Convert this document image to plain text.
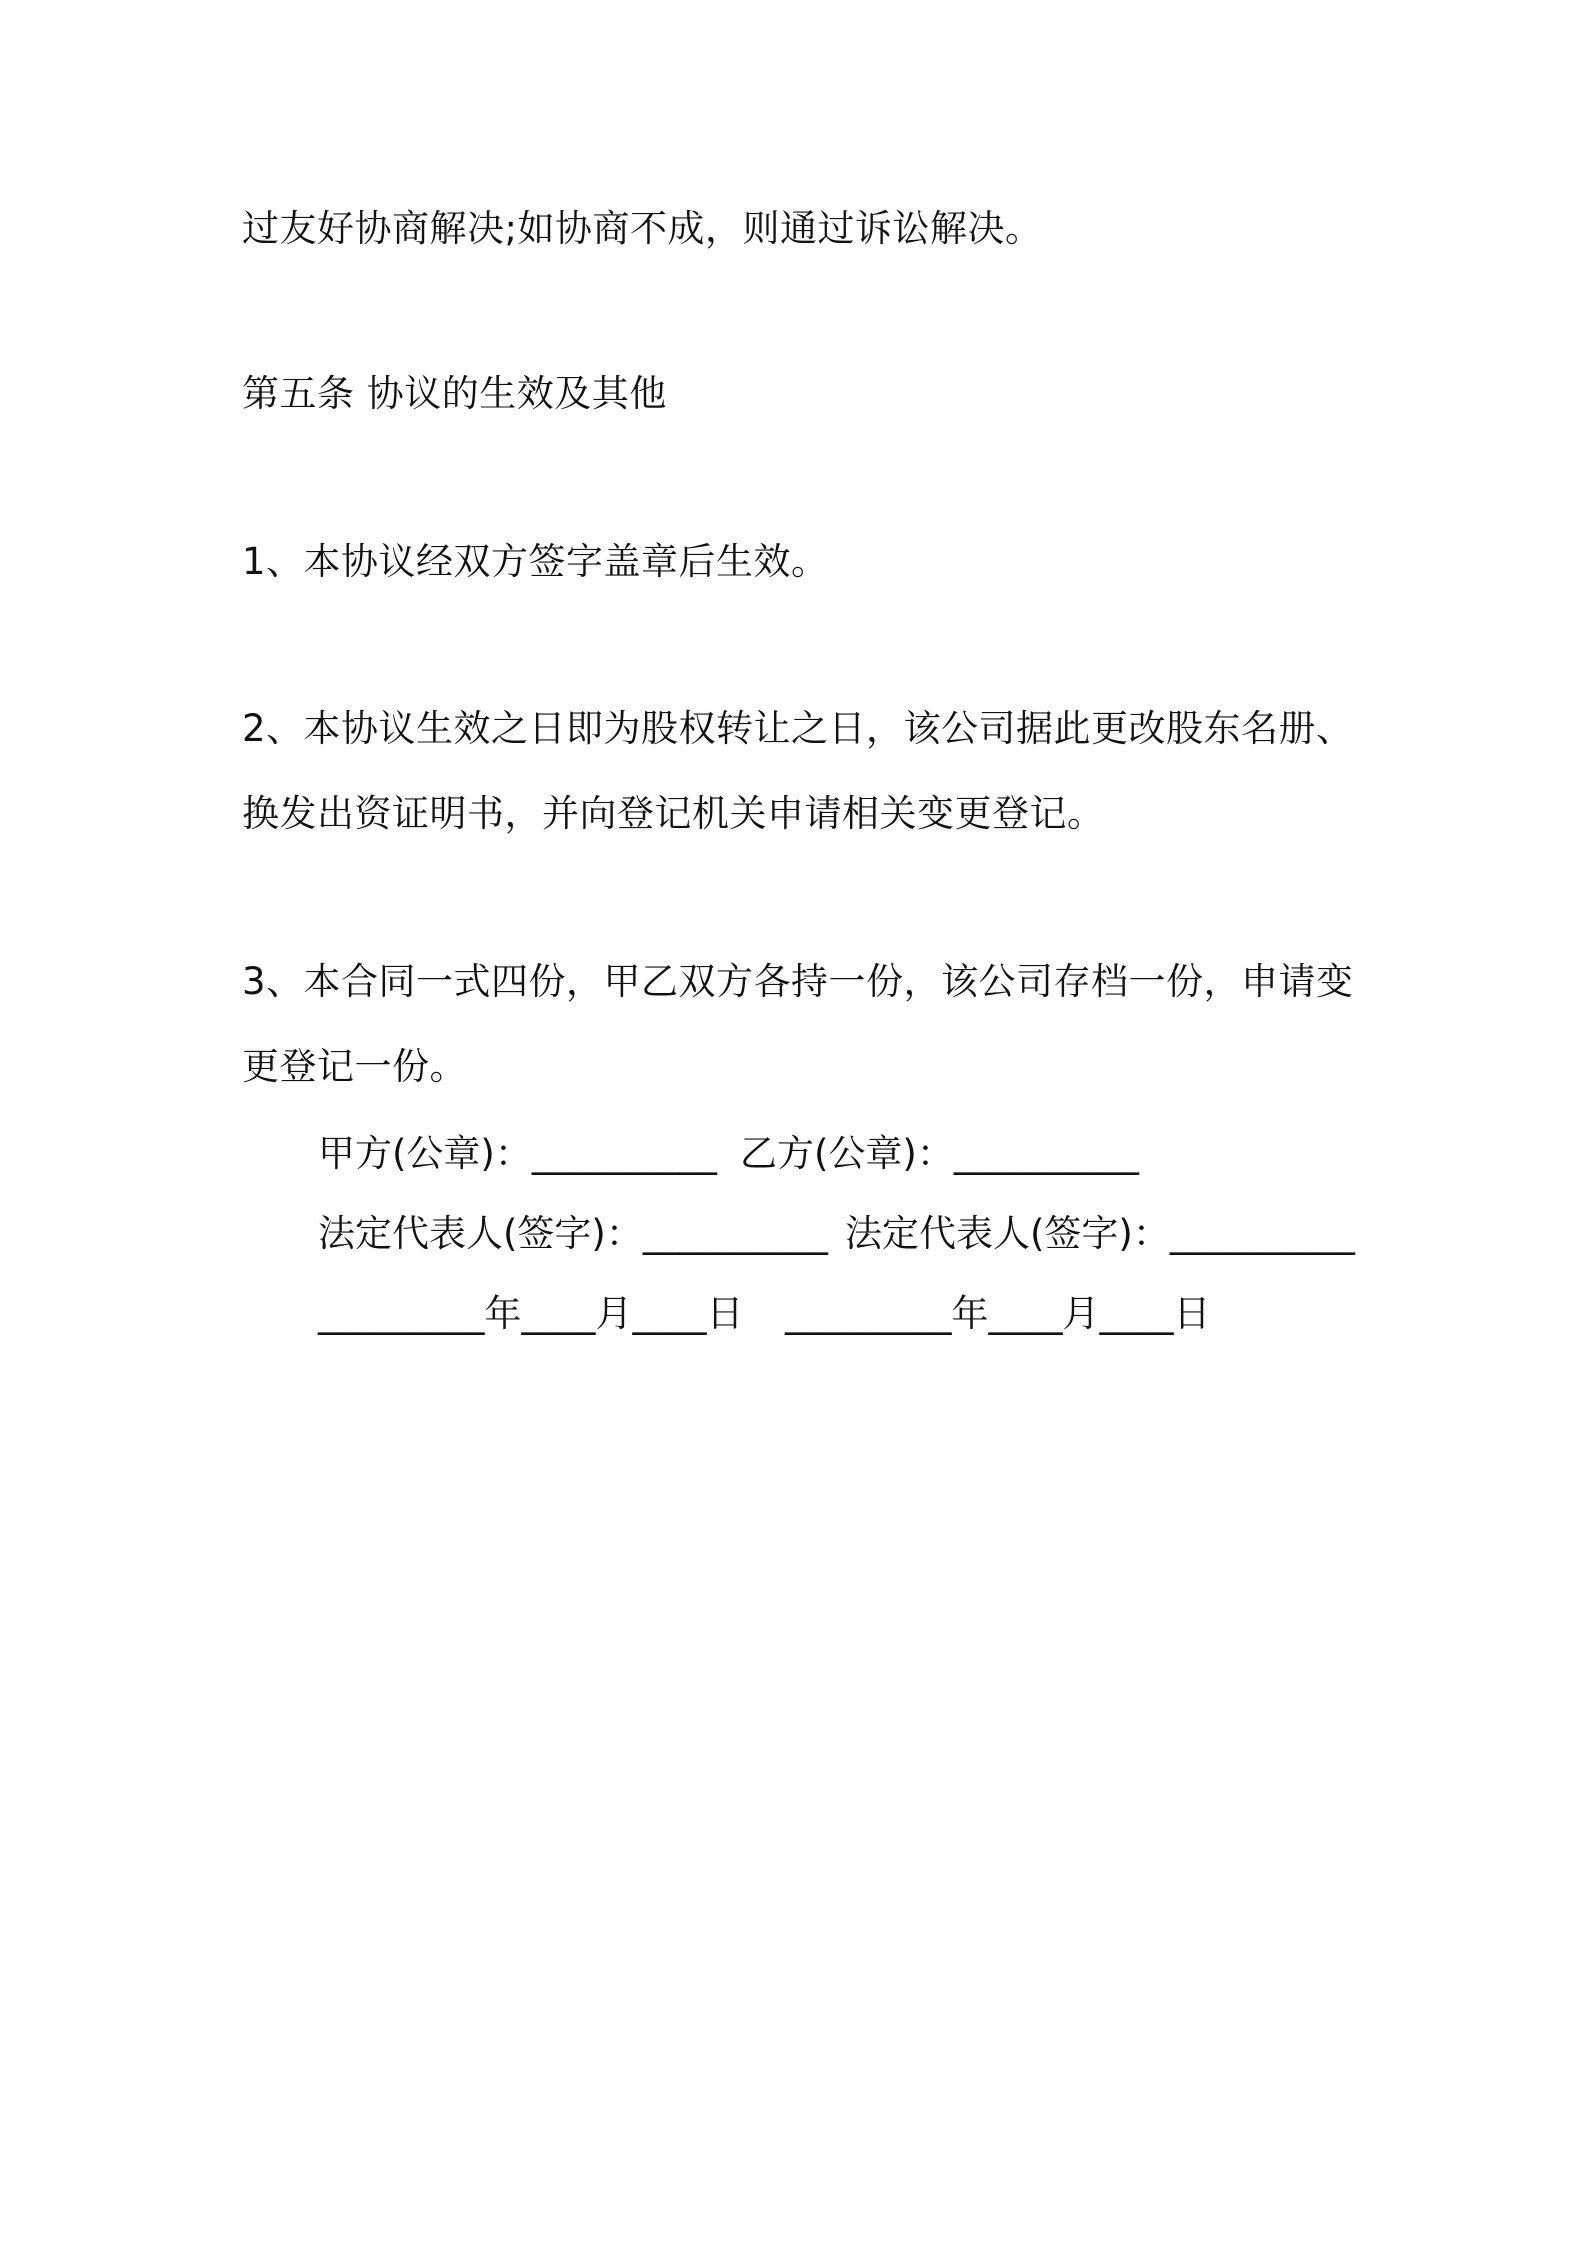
过友好协商解决;如协商不成，则通过诉讼解决。
第五条 协议的生效及其他
1、本协议经双方签字盖章后生效。
2、本协议生效之日即为股权转让之日，该公司据此更改股东名册、
换发出资证明书，并向登记机关申请相关变更登记。
3、本合同一式四份，甲乙双方各持一份，该公司存档一份，申请变
更登记一份。
甲方(公章)：__________ 乙方(公章)：__________
法定代表人(签字)：__________ 法定代表人(签字)：__________
_________年____月____日 _________年____月____日
